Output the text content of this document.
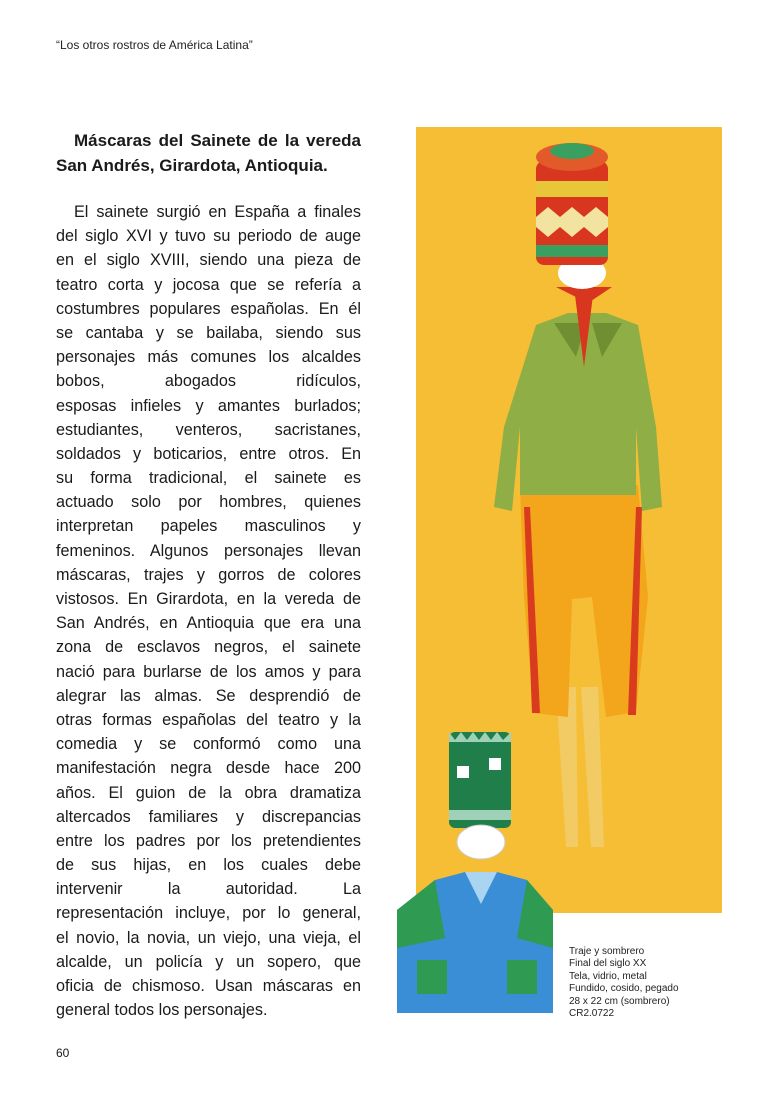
“Los otros rostros de América Latina”
Máscaras del Sainete de la vereda San Andrés, Girardota, Antioquia.
El sainete surgió en España a finales
del siglo XVI y tuvo su periodo de auge
en el siglo XVIII, siendo una pieza de
teatro corta y jocosa que se refería a
costumbres populares españolas. En él
se cantaba y se bailaba, siendo sus
personajes más comunes los alcaldes
bobos, abogados ridículos,
esposas infieles y amantes burlados;
estudiantes, venteros, sacristanes,
soldados y boticarios, entre otros. En
su forma tradicional, el sainete es
actuado solo por hombres, quienes
interpretan papeles masculinos y
femeninos. Algunos personajes llevan
máscaras, trajes y gorros de colores
vistosos. En Girardota, en la vereda de
San Andrés, en Antioquia que era una
zona de esclavos negros, el sainete
nació para burlarse de los amos y para
alegrar las almas. Se desprendió de
otras formas españolas del teatro y la
comedia y se conformó como una
manifestación negra desde hace 200
años. El guion de la obra dramatiza
altercados familiares y discrepancias
entre los padres por los pretendientes
de sus hijas, en los cuales debe
intervenir la autoridad. La
representación incluye, por lo general,
el novio, la novia, un viejo, una vieja, el
alcalde, un policía y un sopero, que
oficia de chismoso. Usan máscaras en
general todos los personajes.
Traje y sombrero
Final del siglo XX
Tela, vidrio, metal
Fundido, cosido, pegado
28 x 22 cm (sombrero)
CR2.0722
60
